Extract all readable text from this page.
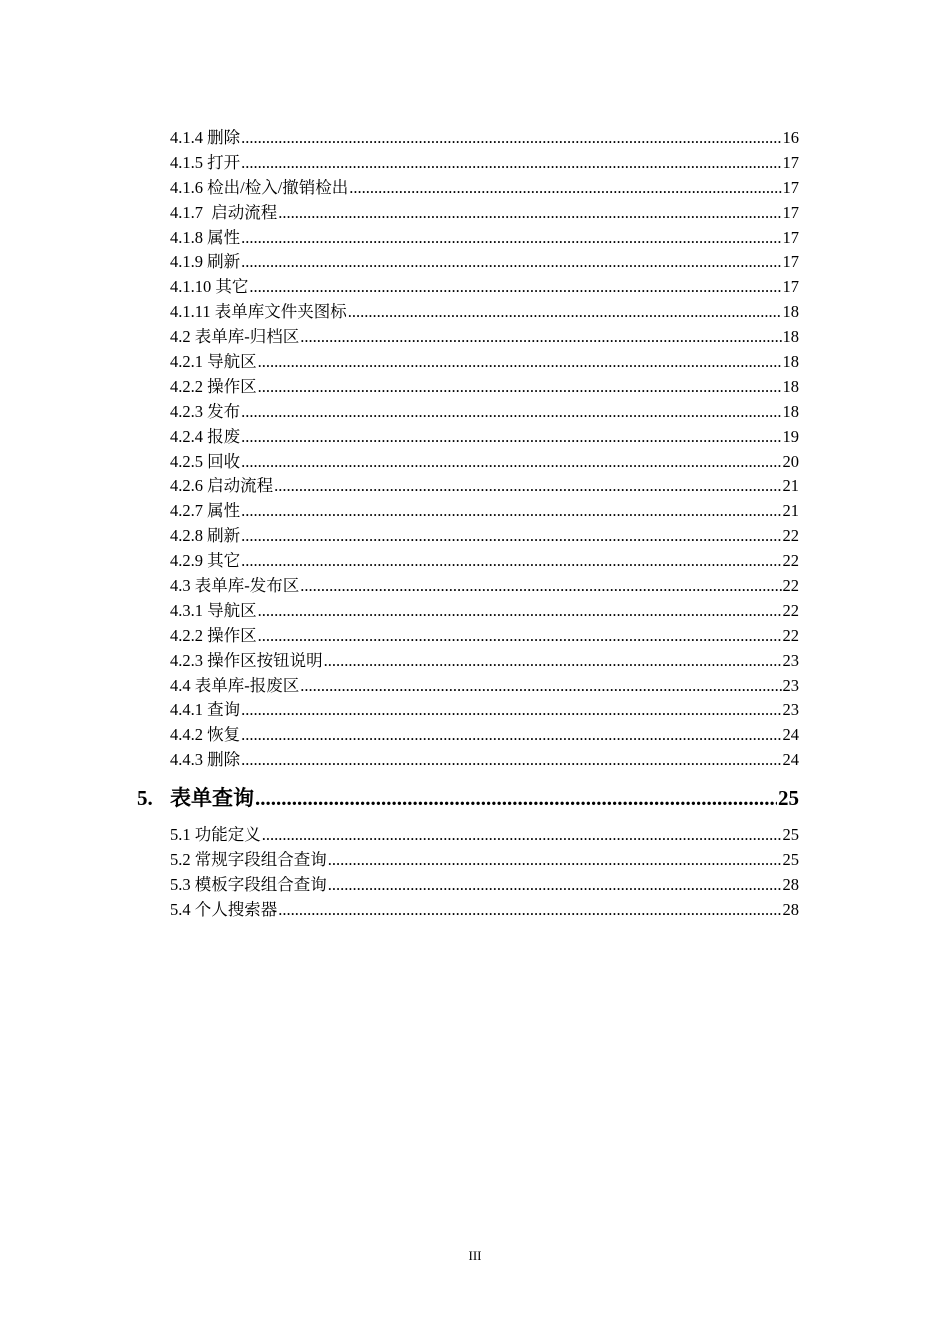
4.1.4 删除 .....	16
4.1.5 打开 .....	17
4.1.6 检出/检入/撤销检出 .....	17
4.1.7  启动流程 .....	17
4.1.8 属性 .....	17
4.1.9 刷新 .....	17
4.1.10 其它 .....	17
4.1.11 表单库文件夹图标 .....	18
4.2 表单库-归档区 .....	18
4.2.1 导航区 .....	18
4.2.2 操作区 .....	18
4.2.3 发布 .....	18
4.2.4 报废 .....	19
4.2.5 回收 .....	20
4.2.6 启动流程 .....	21
4.2.7 属性 .....	21
4.2.8 刷新 .....	22
4.2.9 其它 .....	22
4.3 表单库-发布区 .....	22
4.3.1 导航区 .....	22
4.2.2 操作区 .....	22
4.2.3 操作区按钮说明 .....	23
4.4 表单库-报废区 .....	23
4.4.1 查询 .....	23
4.4.2 恢复 .....	24
4.4.3 删除 .....	24
5. 表单查询 .....	25
5.1 功能定义 .....	25
5.2 常规字段组合查询 .....	25
5.3 模板字段组合查询 .....	28
5.4 个人搜索器 .....	28
III
